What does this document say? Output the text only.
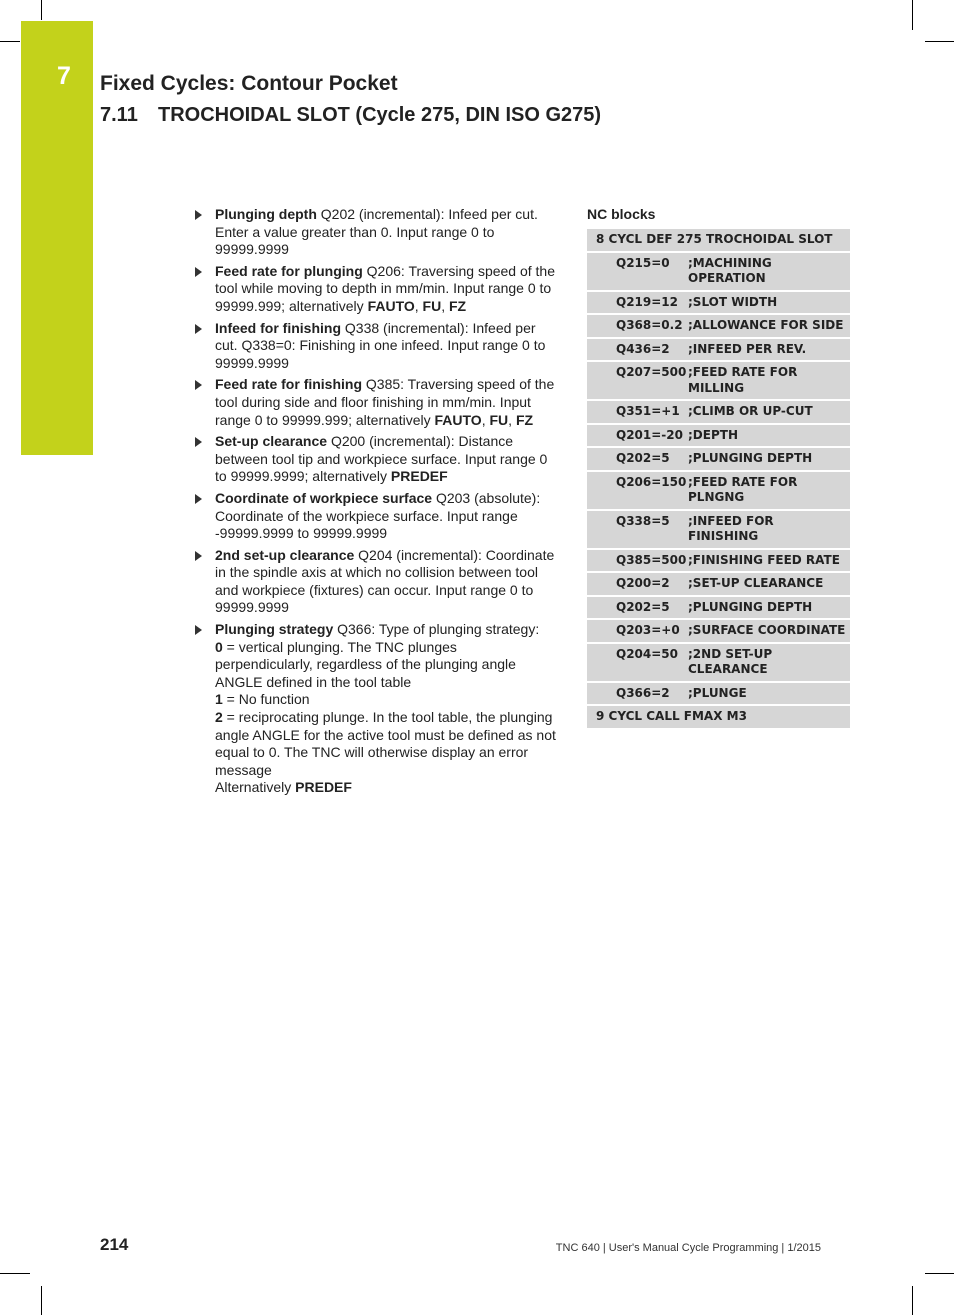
7 Fixed Cycles: Contour Pocket
7.11 TROCHOIDAL SLOT (Cycle 275, DIN ISO G275)
Plunging depth Q202 (incremental): Infeed per cut. Enter a value greater than 0. Input range 0 to 99999.9999
Feed rate for plunging Q206: Traversing speed of the tool while moving to depth in mm/min. Input range 0 to 99999.999; alternatively FAUTO, FU, FZ
Infeed for finishing Q338 (incremental): Infeed per cut. Q338=0: Finishing in one infeed. Input range 0 to 99999.9999
Feed rate for finishing Q385: Traversing speed of the tool during side and floor finishing in mm/min. Input range 0 to 99999.999; alternatively FAUTO, FU, FZ
Set-up clearance Q200 (incremental): Distance between tool tip and workpiece surface. Input range 0 to 99999.9999; alternatively PREDEF
Coordinate of workpiece surface Q203 (absolute): Coordinate of the workpiece surface. Input range -99999.9999 to 99999.9999
2nd set-up clearance Q204 (incremental): Coordinate in the spindle axis at which no collision between tool and workpiece (fixtures) can occur. Input range 0 to 99999.9999
Plunging strategy Q366: Type of plunging strategy:
0 = vertical plunging. The TNC plunges perpendicularly, regardless of the plunging angle ANGLE defined in the tool table
1 = No function
2 = reciprocating plunge. In the tool table, the plunging angle ANGLE for the active tool must be defined as not equal to 0. The TNC will otherwise display an error message
Alternatively PREDEF
NC blocks
8 CYCL DEF 275 TROCHOIDAL SLOT
Q215=0	;MACHINING OPERATION
Q219=12 ;SLOT WIDTH
Q368=0.2 ;ALLOWANCE FOR SIDE
Q436=2	;INFEED PER REV.
Q207=500 ;FEED RATE FOR MILLING
Q351=+1 ;CLIMB OR UP-CUT
Q201=-20 ;DEPTH
Q202=5	;PLUNGING DEPTH
Q206=150 ;FEED RATE FOR PLNGNG
Q338=5	;INFEED FOR FINISHING
Q385=500 ;FINISHING FEED RATE
Q200=2	;SET-UP CLEARANCE
Q202=5	;PLUNGING DEPTH
Q203=+0 ;SURFACE COORDINATE
Q204=50 ;2ND SET-UP CLEARANCE
Q366=2	;PLUNGE
9 CYCL CALL FMAX M3
214	TNC 640 | User's Manual Cycle Programming | 1/2015
